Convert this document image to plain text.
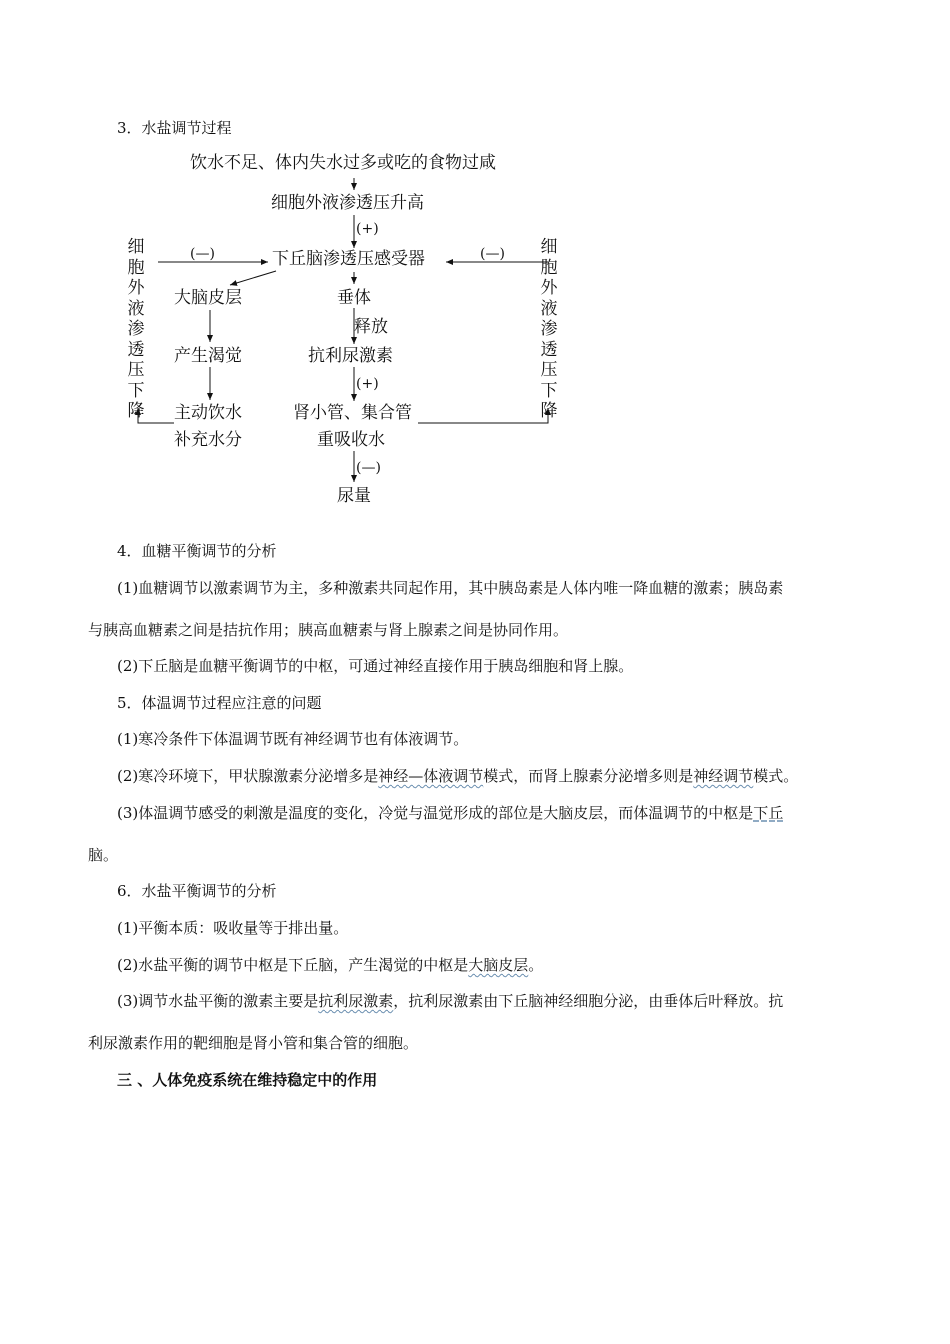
3．水盐调节过程
饮水不足、体内失水过多或吃的食物过咸
细胞外液渗透压升高
(+)
下丘脑渗透压感受器
(—)	(—)
细胞外液渗透压下降
细胞外液渗透压下降
大脑皮层
产生渴觉
主动饮水
补充水分
垂体
释放
抗利尿激素
(+)
肾小管、集合管
重吸收水
(—)
尿量
4．血糖平衡调节的分析
(1)血糖调节以激素调节为主，多种激素共同起作用，其中胰岛素是人体内唯一降血糖的激素；胰岛素
与胰高血糖素之间是拮抗作用；胰高血糖素与肾上腺素之间是协同作用。
(2)下丘脑是血糖平衡调节的中枢，可通过神经直接作用于胰岛细胞和肾上腺。
5．体温调节过程应注意的问题
(1)寒冷条件下体温调节既有神经调节也有体液调节。
(2)寒冷环境下，甲状腺激素分泌增多是神经—体液调节模式，而肾上腺素分泌增多则是神经调节模式。
(3)体温调节感受的刺激是温度的变化，冷觉与温觉形成的部位是大脑皮层，而体温调节的中枢是下丘
脑。
6．水盐平衡调节的分析
(1)平衡本质：吸收量等于排出量。
(2)水盐平衡的调节中枢是下丘脑，产生渴觉的中枢是大脑皮层。
(3)调节水盐平衡的激素主要是抗利尿激素，抗利尿激素由下丘脑神经细胞分泌，由垂体后叶释放。抗
利尿激素作用的靶细胞是肾小管和集合管的细胞。
三 、人体免疫系统在维持稳定中的作用
